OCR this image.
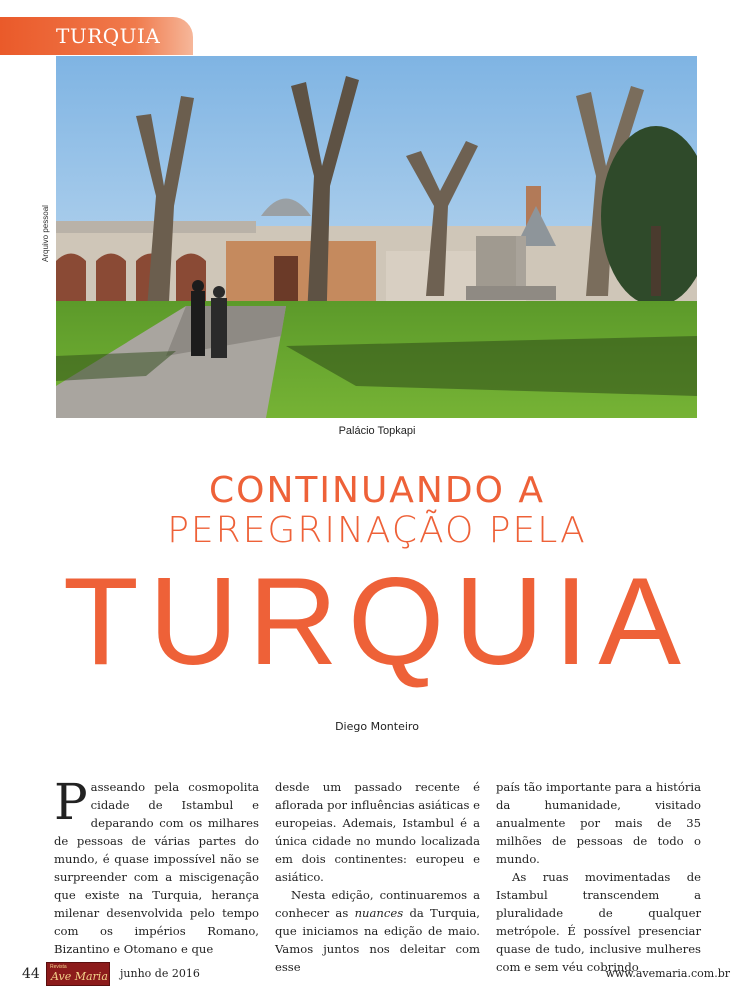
TURQUIA
Arquivo pessoal
Palácio Topkapi
CONTINUANDO A
PEREGRINAÇÃO PELA
TURQUIA
Diego Monteiro

Passeando pela cosmopolita cidade de Istambul e deparando com os milhares de pessoas de várias partes do mundo, é quase impossível não se surpreender com a miscigenação que existe na Turquia, herança milenar desenvolvida pelo tempo com os impérios Romano, Bizantino e Otomano e que

desde um passado recente é aflorada por influências asiáticas e europeias. Ademais, Istambul é a única cidade no mundo localizada em dois continentes: europeu e asiático.

Nesta edição, continuaremos a conhecer as nuances da Turquia, que iniciamos na edição de maio. Vamos juntos nos deleitar com esse

país tão importante para a história da humanidade, visitado anualmente por mais de 35 milhões de pessoas de todo o mundo.

As ruas movimentadas de Istambul transcendem a pluralidade de qualquer metrópole. É possível presenciar quase de tudo, inclusive mulheres com e sem véu cobrindo

44 Revista
Ave Maria junho de 2016	www.avemaria.com.br
